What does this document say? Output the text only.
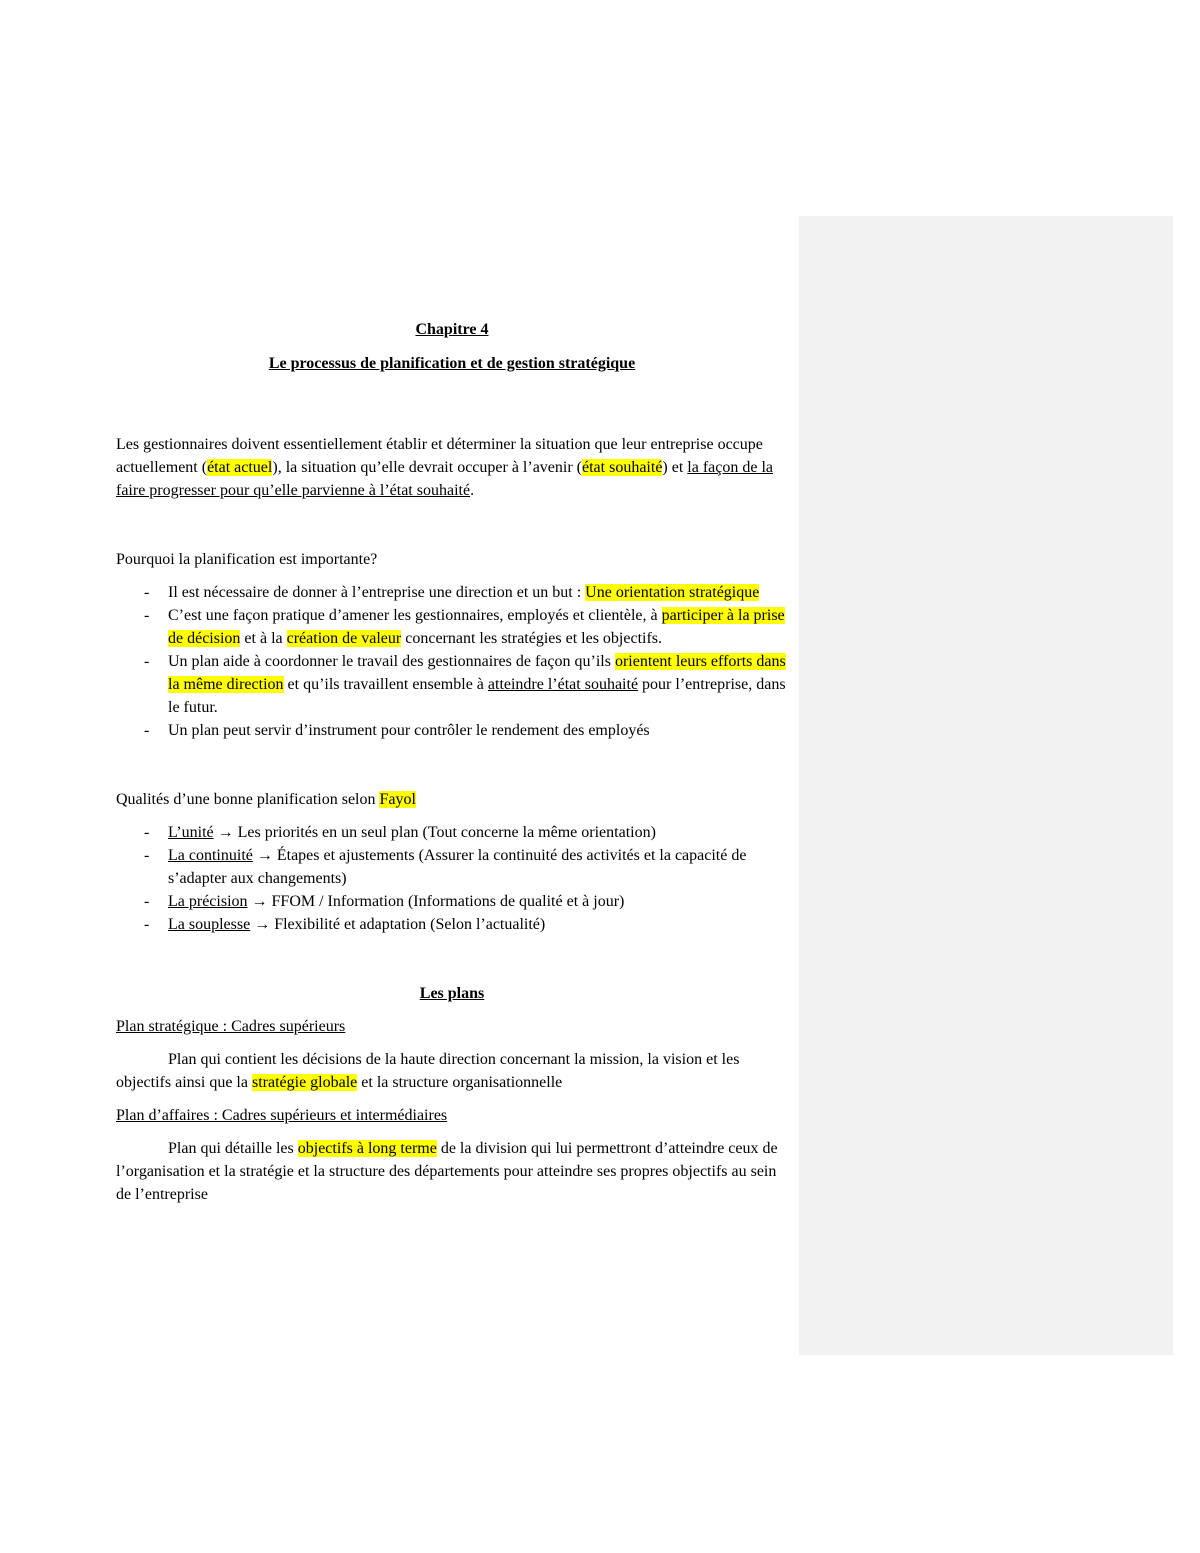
Chapitre 4

Le processus de planification et de gestion stratégique

Les gestionnaires doivent essentiellement établir et déterminer la situation que leur entreprise occupe actuellement (état actuel), la situation qu’elle devrait occuper à l’avenir (état souhaité) et la façon de la faire progresser pour qu’elle parvienne à l’état souhaité.

Pourquoi la planification est importante?

- Il est nécessaire de donner à l’entreprise une direction et un but : Une orientation stratégique
- C’est une façon pratique d’amener les gestionnaires, employés et clientèle, à participer à la prise de décision et à la création de valeur concernant les stratégies et les objectifs.
- Un plan aide à coordonner le travail des gestionnaires de façon qu’ils orientent leurs efforts dans la même direction et qu’ils travaillent ensemble à atteindre l’état souhaité pour l’entreprise, dans le futur.
- Un plan peut servir d’instrument pour contrôler le rendement des employés

Qualités d’une bonne planification selon Fayol

- L’unité → Les priorités en un seul plan (Tout concerne la même orientation)
- La continuité → Étapes et ajustements (Assurer la continuité des activités et la capacité de s’adapter aux changements)
- La précision → FFOM / Information (Informations de qualité et à jour)
- La souplesse → Flexibilité et adaptation (Selon l’actualité)

Les plans

Plan stratégique : Cadres supérieurs

Plan qui contient les décisions de la haute direction concernant la mission, la vision et les objectifs ainsi que la stratégie globale et la structure organisationnelle

Plan d’affaires : Cadres supérieurs et intermédiaires

Plan qui détaille les objectifs à long terme de la division qui lui permettront d’atteindre ceux de l’organisation et la stratégie et la structure des départements pour atteindre ses propres objectifs au sein de l’entreprise
